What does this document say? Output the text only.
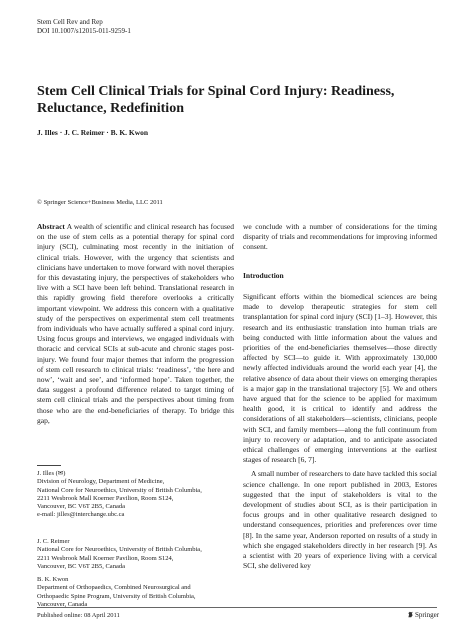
Stem Cell Rev and Rep
DOI 10.1007/s12015-011-9259-1
Stem Cell Clinical Trials for Spinal Cord Injury: Readiness, Reluctance, Redefinition
J. Illes · J. C. Reimer · B. K. Kwon
© Springer Science+Business Media, LLC 2011

Abstract A wealth of scientific and clinical research has focused on the use of stem cells as a potential therapy for spinal cord injury (SCI), culminating most recently in the initiation of clinical trials. However, with the urgency that scientists and clinicians have undertaken to move forward with novel therapies for this devastating injury, the perspectives of stakeholders who live with a SCI have been left behind. Translational research in this rapidly growing field therefore overlooks a critically important viewpoint. We address this concern with a qualitative study of the perspectives on experimental stem cell treatments from individuals who have actually suffered a spinal cord injury. Using focus groups and interviews, we engaged individuals with thoracic and cervical SCIs at sub-acute and chronic stages post-injury. We found four major themes that inform the progression of stem cell research to clinical trials: ‘readiness’, ‘the here and now’, ‘wait and see’, and ‘informed hope’. Taken together, the data suggest a profound difference related to target timing of stem cell clinical trials and the perspectives about timing from those who are the end-beneficiaries of therapy. To bridge this gap,

we conclude with a number of considerations for the timing disparity of trials and recommendations for improving informed consent.

Introduction

Significant efforts within the biomedical sciences are being made to develop therapeutic strategies for stem cell transplantation for spinal cord injury (SCI) [1–3]. However, this research and its enthusiastic translation into human trials are being conducted with little information about the values and priorities of the end-beneficiaries themselves—those directly affected by SCI—to guide it. With approximately 130,000 newly affected individuals around the world each year [4], the relative absence of data about their views on emerging therapies is a major gap in the translational trajectory [5]. We and others have argued that for the science to be applied for maximum health good, it is critical to identify and address the considerations of all stakeholders—scientists, clinicians, people with SCI, and family members—along the full continuum from injury to recovery or adaptation, and to anticipate associated ethical challenges of emerging interventions at the earliest stages of research [6, 7].

A small number of researchers to date have tackled this social science challenge. In one report published in 2003, Estores suggested that the input of stakeholders is vital to the development of studies about SCI, as is their participation in focus groups and in other qualitative research designed to understand consequences, priorities and preferences over time [8]. In the same year, Anderson reported on results of a study in which she engaged stakeholders directly in her research [9]. As a scientist with 20 years of experience living with a cervical SCI, she delivered key

J. Illes (✉)
Division of Neurology, Department of Medicine,
National Core for Neuroethics, University of British Columbia,
2211 Wesbrook Mall Koerner Pavilion, Room S124,
Vancouver, BC V6T 2B5, Canada
e-mail: jilles@interchange.ubc.ca
J. C. Reimer
National Core for Neuroethics, University of British Columbia,
2211 Wesbrook Mall Koerner Pavilion, Room S124,
Vancouver, BC V6T 2B5, Canada
B. K. Kwon
Department of Orthopaedics, Combined Neurosurgical and
Orthopaedic Spine Program, University of British Columbia,
Vancouver, Canada
Published online: 08 April 2011	Springer
